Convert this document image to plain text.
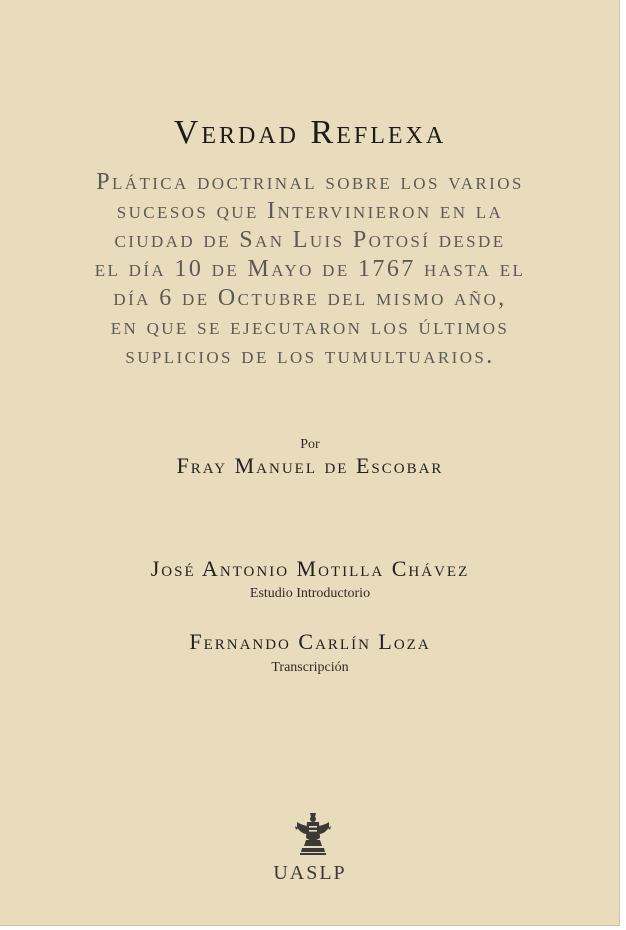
Verdad Reflexa
Plática doctrinal sobre los varios
sucesos que Intervinieron en la
ciudad de San Luis Potosí desde
el día 10 de Mayo de 1767 hasta el
día 6 de Octubre del mismo año,
en que se ejecutaron los últimos
suplicios de los tumultuarios.
Por
Fray Manuel de Escobar
José Antonio Motilla Chávez
Estudio Introductorio
Fernando Carlín Loza
Transcripción
UASLP
